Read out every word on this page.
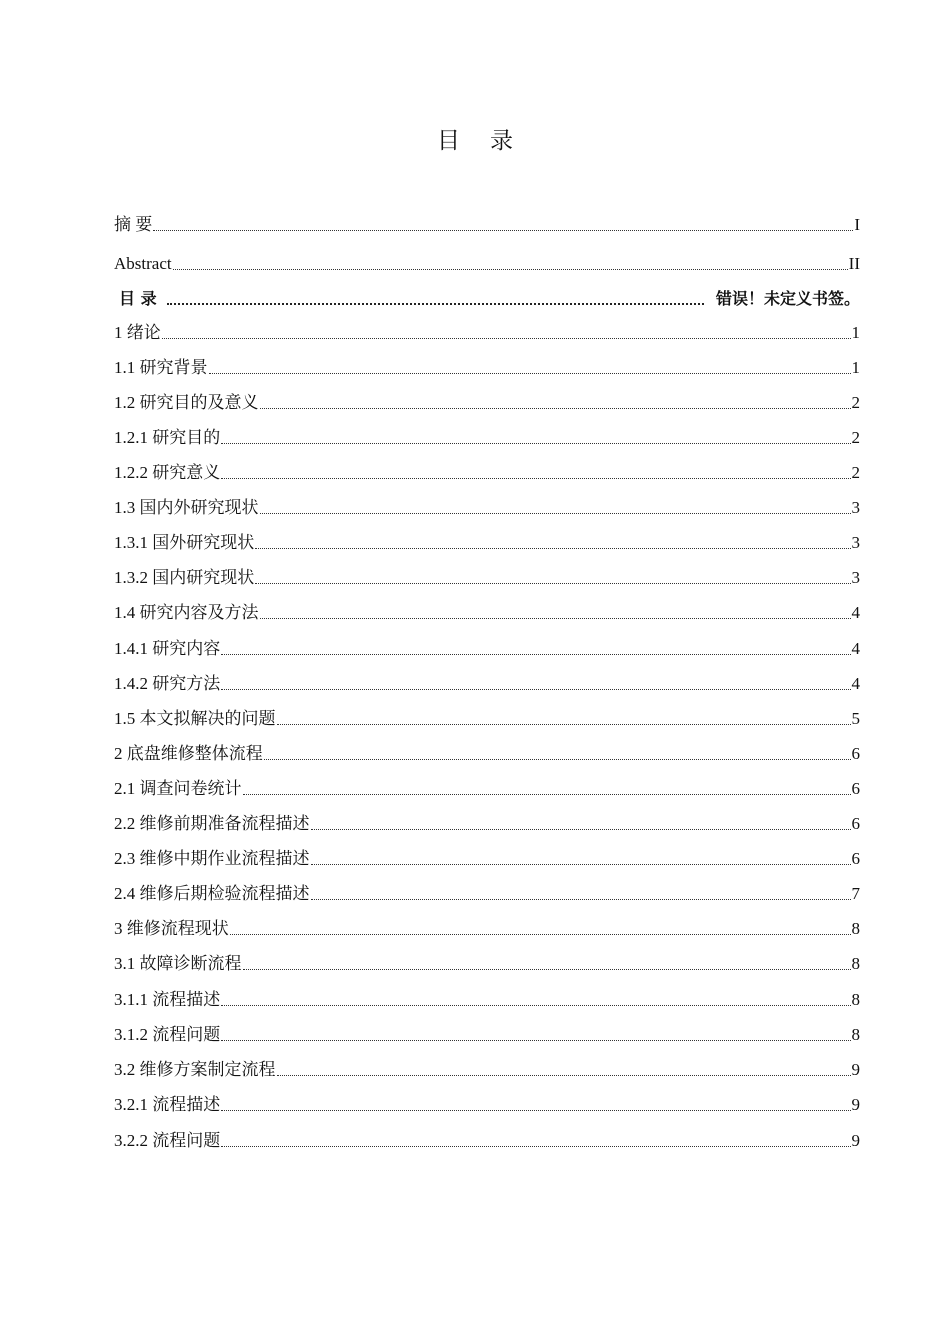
目 录
摘 要	I
Abstract	II
目 录	错误！未定义书签。
1 绪论	1
1.1 研究背景	1
1.2 研究目的及意义	2
1.2.1 研究目的	2
1.2.2 研究意义	2
1.3 国内外研究现状	3
1.3.1 国外研究现状	3
1.3.2 国内研究现状	3
1.4 研究内容及方法	4
1.4.1 研究内容	4
1.4.2 研究方法	4
1.5 本文拟解决的问题	5
2 底盘维修整体流程	6
2.1 调查问卷统计	6
2.2 维修前期准备流程描述	6
2.3 维修中期作业流程描述	6
2.4 维修后期检验流程描述	7
3 维修流程现状	8
3.1 故障诊断流程	8
3.1.1 流程描述	8
3.1.2 流程问题	8
3.2 维修方案制定流程	9
3.2.1 流程描述	9
3.2.2 流程问题	9
